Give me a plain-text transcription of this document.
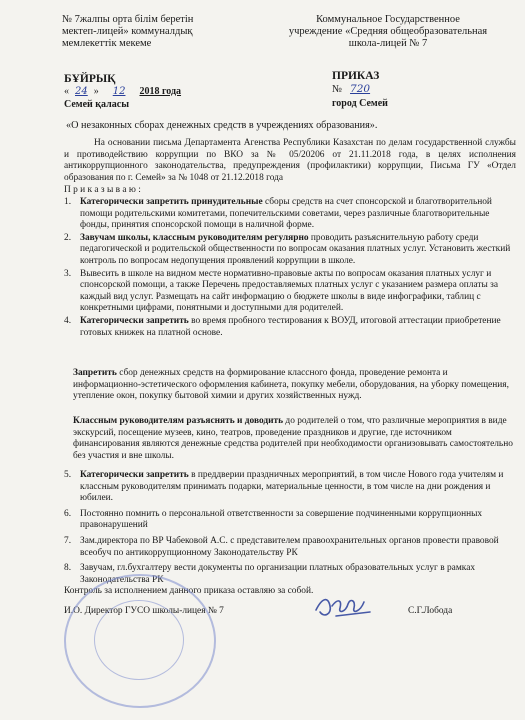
№ 7жалпы орта білім беретін
мектеп-лицей» коммуналдық
мемлекеттік мекеме
Коммунальное Государственное
учреждение «Средняя общеобразовательная
школа-лицей № 7
БҰЙРЫҚ
« 24 » 12 2018 года
Семей қаласы
ПРИКАЗ
№ 720
город Семей
«О незаконных сборах денежных средств в учреждениях образования».
На основании письма Департамента Агенства Республики Казахстан по делам государственной службы и противодействию коррупции по ВКО за № 05/20206 от 21.11.2018 года, в целях исполнения антикоррупционного законодательства, предупреждения (профилактики) коррупции, Письма ГУ «Отдел образования по г. Семей» за № 1048 от 21.12.2018 года
П р и к а з ы в а ю :
1. Категорически запретить принудительные сборы средств на счет спонсорской и благотворительной помощи родительскими комитетами, попечительскими советами, через различные благотворительные фонды, принятия спонсорской помощи в наличной форме.
2. Завучам школы, классным руководителям регулярно проводить разъяснительную работу среди педагогической и родительской общественности по вопросам оказания платных услуг. Установить жесткий контроль по вопросам недопущения проявлений коррупции в школе.
3. Вывесить в школе на видном месте нормативно-правовые акты по вопросам оказания платных услуг и спонсорской помощи, а также Перечень предоставляемых платных услуг с указанием размера оплаты за каждый вид услуг. Размещать на сайт информацию о бюджете школы в виде инфографики, таблиц с конкретными цифрами, понятными и доступными для родителей.
4. Категорически запретить во время пробного тестирования к ВОУД, итоговой аттестации приобретение готовых книжек на платной основе.
Запретить сбор денежных средств на формирование классного фонда, проведение ремонта и информационно-эстетического оформления кабинета, покупку мебели, оборудования, на уборку помещения, утепление окон, покупку бытовой химии и других хозяйственных нужд.
Классным руководителям разъяснять и доводить до родителей о том, что различные мероприятия в виде экскурсий, посещение музеев, кино, театров, проведение праздников и другие, где источником финансирования являются денежные средства родителей при необходимости организовывать самостоятельно без участия и вне школы.
5. Категорически запретить в преддверии праздничных мероприятий, в том числе Нового года учителям и классным руководителям принимать подарки, материальные ценности, в том числе на дни рождения и юбилеи.
6. Постоянно помнить о персональной ответственности за совершение подчиненными коррупционных правонарушений
7. Зам.директора по ВР Чабековой А.С. с представителем правоохранительных органов провести правовой всеобуч по антикоррупционному Законодательству РК
8. Завучам, гл.бухгалтеру вести документы по организации платных образовательных услуг в рамках Законодательства РК
Контроль за исполнением данного приказа оставляю за собой.
И.О. Директор ГУСО школы-лицея № 7	С.Г.Лобода
